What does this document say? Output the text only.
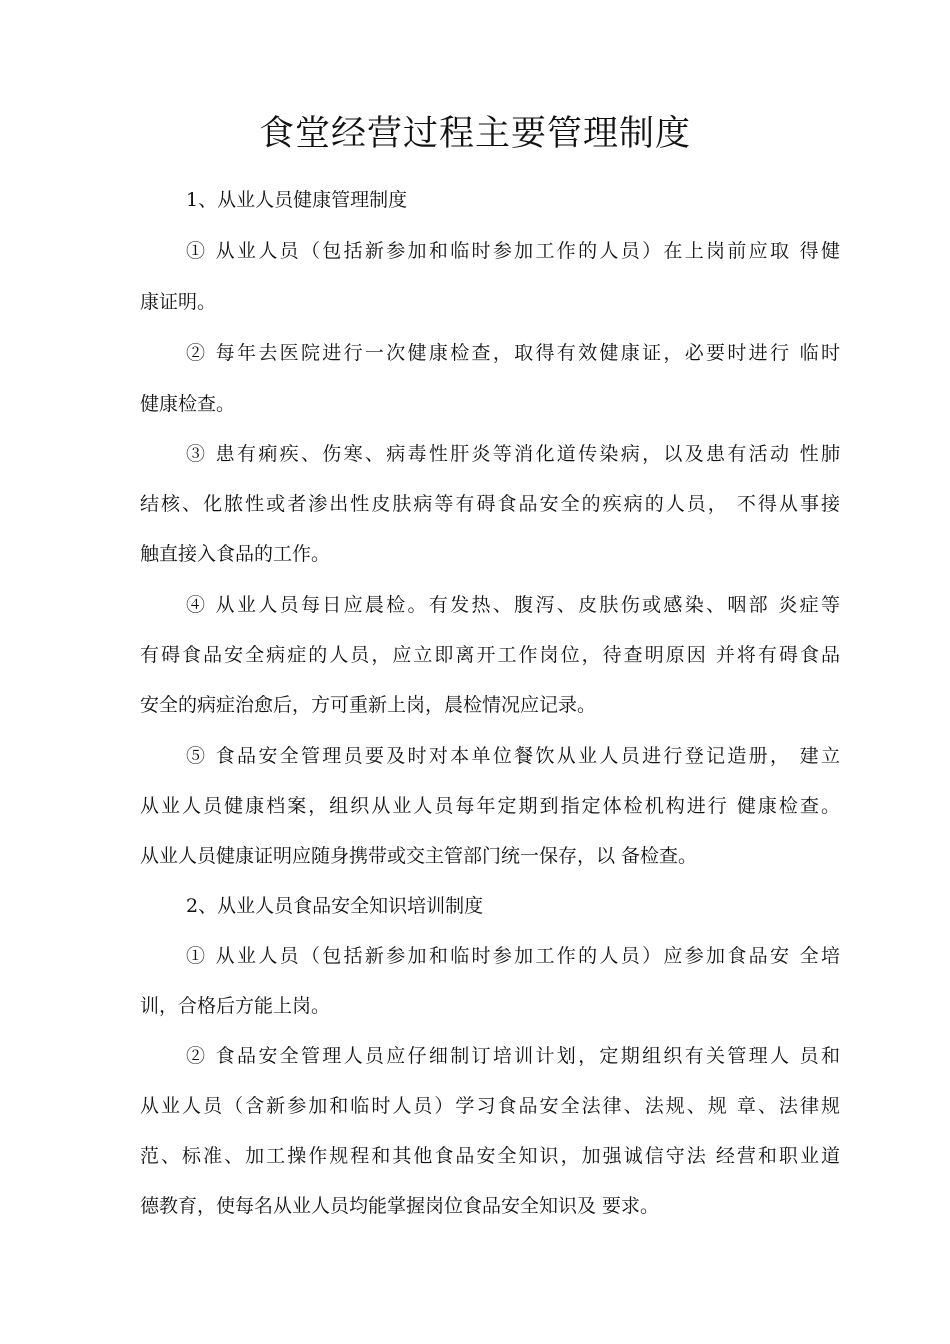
食堂经营过程主要管理制度
1、从业人员健康管理制度
① 从业人员（包括新参加和临时参加工作的人员）在上岗前应取 得健
康证明。
② 每年去医院进行一次健康检查，取得有效健康证，必要时进行 临时
健康检查。
③ 患有痢疾、伤寒、病毒性肝炎等消化道传染病，以及患有活动 性肺
结核、化脓性或者渗出性皮肤病等有碍食品安全的疾病的人员， 不得从事接
触直接入食品的工作。
④ 从业人员每日应晨检。有发热、腹泻、皮肤伤或感染、咽部 炎症等
有碍食品安全病症的人员，应立即离开工作岗位，待查明原因 并将有碍食品
安全的病症治愈后，方可重新上岗，晨检情况应记录。
⑤ 食品安全管理员要及时对本单位餐饮从业人员进行登记造册， 建立
从业人员健康档案，组织从业人员每年定期到指定体检机构进行 健康检查。
从业人员健康证明应随身携带或交主管部门统一保存，以 备检查。
2、从业人员食品安全知识培训制度
① 从业人员（包括新参加和临时参加工作的人员）应参加食品安 全培
训，合格后方能上岗。
② 食品安全管理人员应仔细制订培训计划，定期组织有关管理人 员和
从业人员（含新参加和临时人员）学习食品安全法律、法规、规 章、法律规
范、标准、加工操作规程和其他食品安全知识，加强诚信守法 经营和职业道
德教育，使每名从业人员均能掌握岗位食品安全知识及 要求。
